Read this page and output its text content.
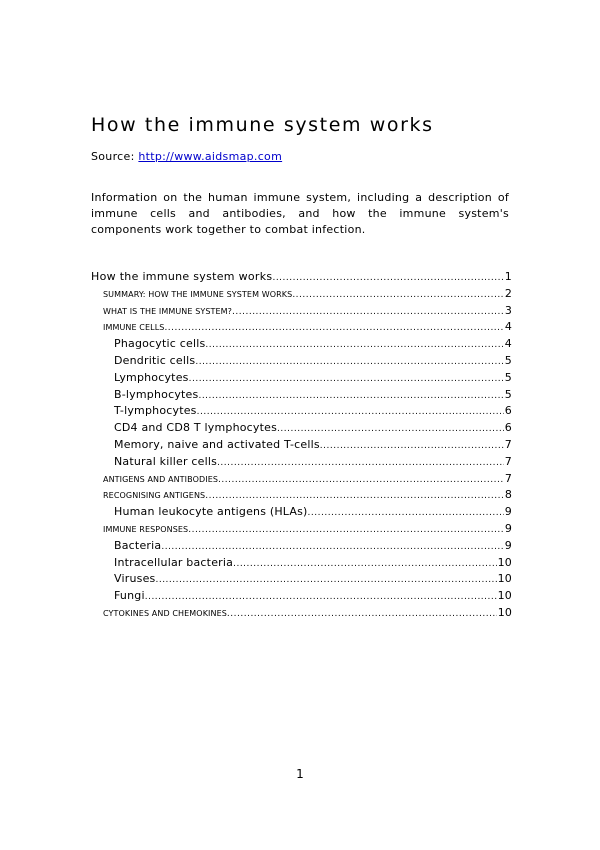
How the immune system works
Source: http://www.aidsmap.com

Information on the human immune system, including a description of immune cells and antibodies, and how the immune system's components work together to combat infection.

How the immune system works .....	1
SUMMARY: HOW THE IMMUNE SYSTEM WORKS .....	2
WHAT IS THE IMMUNE SYSTEM? .....	3
IMMUNE CELLS .....	4
Phagocytic cells .....	4
Dendritic cells .....	5
Lymphocytes .....	5
B-lymphocytes .....	5
T-lymphocytes .....	6
CD4 and CD8 T lymphocytes .....	6
Memory, naive and activated T-cells .....	7
Natural killer cells .....	7
ANTIGENS AND ANTIBODIES .....	7
RECOGNISING ANTIGENS .....	8
Human leukocyte antigens (HLAs) .....	9
IMMUNE RESPONSES .....	9
Bacteria .....	9
Intracellular bacteria .....	10
Viruses .....	10
Fungi .....	10
CYTOKINES AND CHEMOKINES .....	10
1
